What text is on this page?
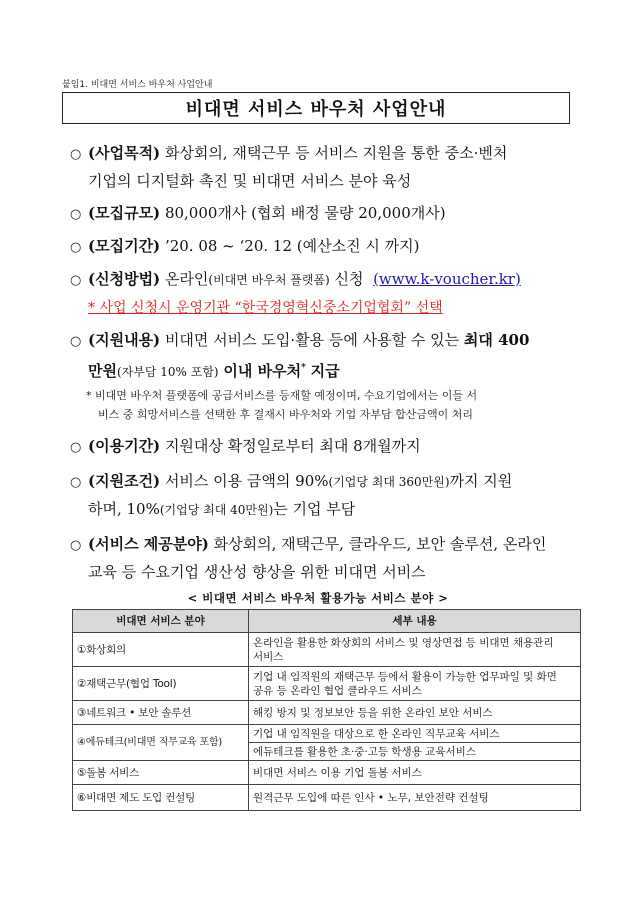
붙임1. 비대면 서비스 바우처 사업안내
비대면 서비스 바우처 사업안내
○ (사업목적) 화상회의, 재택근무 등 서비스 지원을 통한 중소·벤처
기업의 디지털화 촉진 및 비대면 서비스 분야 육성
○ (모집규모) 80,000개사 (협회 배정 물량 20,000개사)
○ (모집기간) ’20. 08 ~ ‘20. 12 (예산소진 시 까지)
○ (신청방법) 온라인(비대면 바우처 플랫폼) 신청 (www.k-voucher.kr)
* 사업 신청시 운영기관 “한국경영혁신중소기업협회” 선택
○ (지원내용) 비대면 서비스 도입·활용 등에 사용할 수 있는 최대 400
만원(자부담 10% 포함) 이내 바우처* 지급
* 비대면 바우처 플랫폼에 공급서비스를 등재할 예정이며, 수요기업에서는 이들 서
비스 중 희망서비스를 선택한 후 결재시 바우처와 기업 자부담 합산금액이 처리
○ (이용기간) 지원대상 확정일로부터 최대 8개월까지
○ (지원조건) 서비스 이용 금액의 90%(기업당 최대 360만원)까지 지원
하며, 10%(기업당 최대 40만원)는 기업 부담
○ (서비스 제공분야) 화상회의, 재택근무, 클라우드, 보안 솔루션, 온라인
교육 등 수요기업 생산성 향상을 위한 비대면 서비스
< 비대면 서비스 바우처 활용가능 서비스 분야 >
비대면 서비스 분야	세부 내용
①화상회의	온라인을 활용한 화상회의 서비스 및 영상면접 등 비대면 채용관리 서비스
②재택근무(협업 Tool)	기업 내 임직원의 재택근무 등에서 활용이 가능한 업무파일 및 화면 공유 등 온라인 협업 클라우드 서비스
③네트워크 • 보안 솔루션	해킹 방지 및 정보보안 등을 위한 온라인 보안 서비스
④에듀테크(비대면 직무교육 포함)	기업 내 임직원을 대상으로 한 온라인 직무교육 서비스
	에듀테크를 활용한 초·중·고등 학생용 교육서비스
⑤돌봄 서비스	비대면 서비스 이용 기업 돌봄 서비스
⑥비대면 제도 도입 컨설팅	원격근무 도입에 따른 인사 • 노무, 보안전략 컨설팅
